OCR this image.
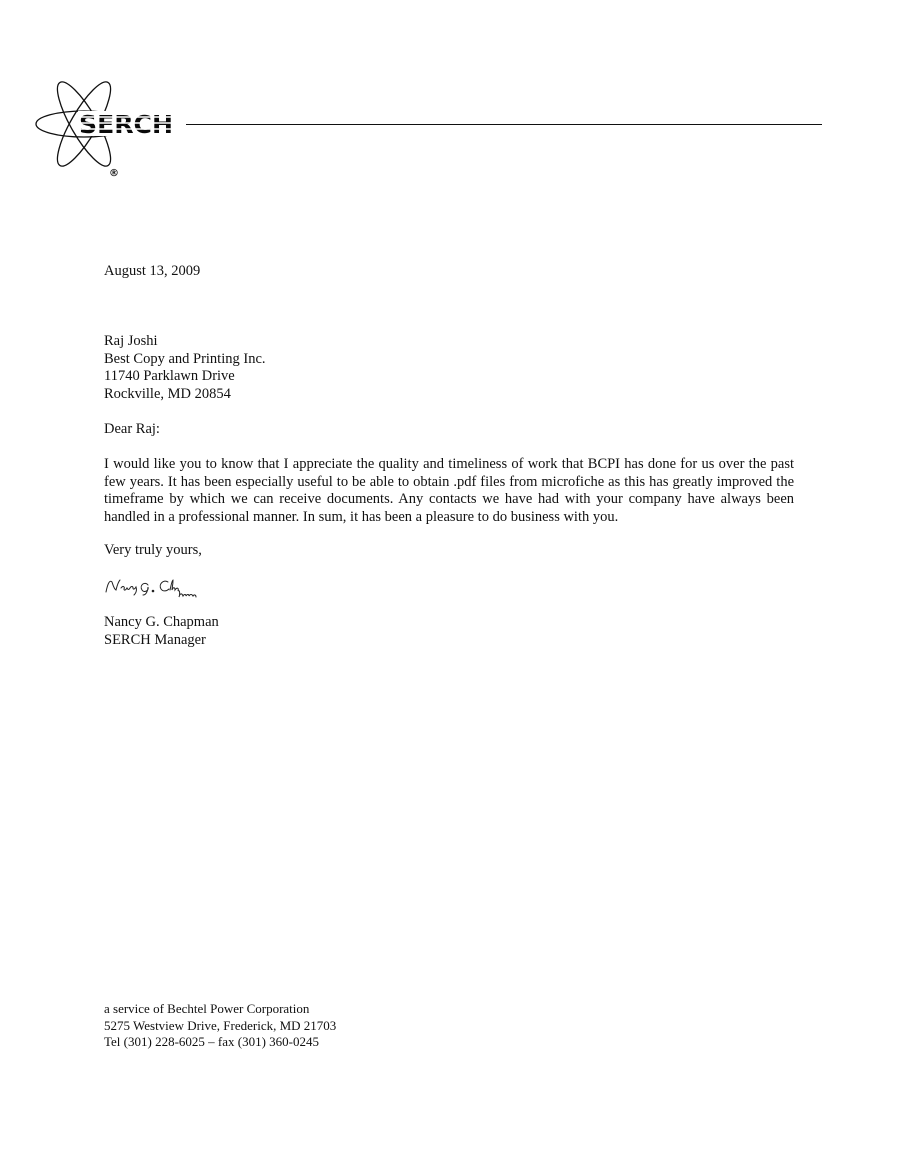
SERCH
®
August 13, 2009
Raj Joshi
Best Copy and Printing Inc.
11740 Parklawn Drive
Rockville, MD 20854
Dear Raj:
I would like you to know that I appreciate the quality and timeliness of work that BCPI has done for us over the past few years. It has been especially useful to be able to obtain .pdf files from microfiche as this has greatly improved the timeframe by which we can receive documents. Any contacts we have had with your company have always been handled in a professional manner. In sum, it has been a pleasure to do business with you.
Very truly yours,
Nancy G. Chapman
SERCH Manager
a service of Bechtel Power Corporation
5275 Westview Drive, Frederick, MD 21703
Tel (301) 228-6025 – fax (301) 360-0245
